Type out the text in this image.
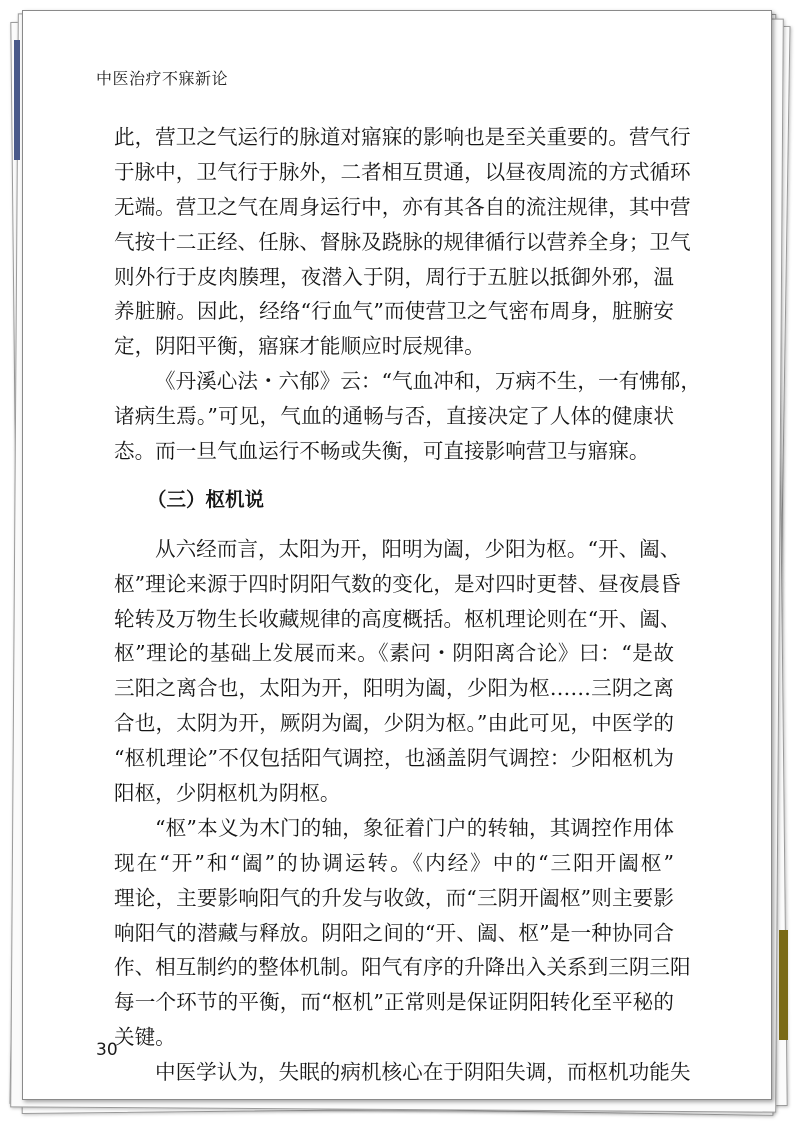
中医治疗不寐新论
此，营卫之气运行的脉道对寤寐的影响也是至关重要的。营气行
于脉中，卫气行于脉外，二者相互贯通，以昼夜周流的方式循环
无端。营卫之气在周身运行中，亦有其各自的流注规律，其中营
气按十二正经、任脉、督脉及跷脉的规律循行以营养全身；卫气
则外行于皮肉腠理，夜潜入于阴，周行于五脏以抵御外邪，温
养脏腑。因此，经络“行血气”而使营卫之气密布周身，脏腑安
定，阴阳平衡，寤寐才能顺应时辰规律。
《丹溪心法・六郁》云：“气血冲和，万病不生，一有怫郁，
诸病生焉。”可见，气血的通畅与否，直接决定了人体的健康状
态。而一旦气血运行不畅或失衡，可直接影响营卫与寤寐。
（三）枢机说
从六经而言，太阳为开，阳明为阖，少阳为枢。“开、阖、
枢”理论来源于四时阴阳气数的变化，是对四时更替、昼夜晨昏
轮转及万物生长收藏规律的高度概括。枢机理论则在“开、阖、
枢”理论的基础上发展而来。《素问・阴阳离合论》曰：“是故
三阳之离合也，太阳为开，阳明为阖，少阳为枢……三阴之离
合也，太阴为开，厥阴为阖，少阴为枢。”由此可见，中医学的
“枢机理论”不仅包括阳气调控，也涵盖阴气调控：少阳枢机为
阳枢，少阴枢机为阴枢。
“枢”本义为木门的轴，象征着门户的转轴，其调控作用体
现在“开”和“阖”的协调运转。《内经》中的“三阳开阖枢”
理论，主要影响阳气的升发与收敛，而“三阴开阖枢”则主要影
响阳气的潜藏与释放。阴阳之间的“开、阖、枢”是一种协同合
作、相互制约的整体机制。阳气有序的升降出入关系到三阴三阳
每一个环节的平衡，而“枢机”正常则是保证阴阳转化至平秘的
关键。
中医学认为，失眠的病机核心在于阴阳失调，而枢机功能失
30
